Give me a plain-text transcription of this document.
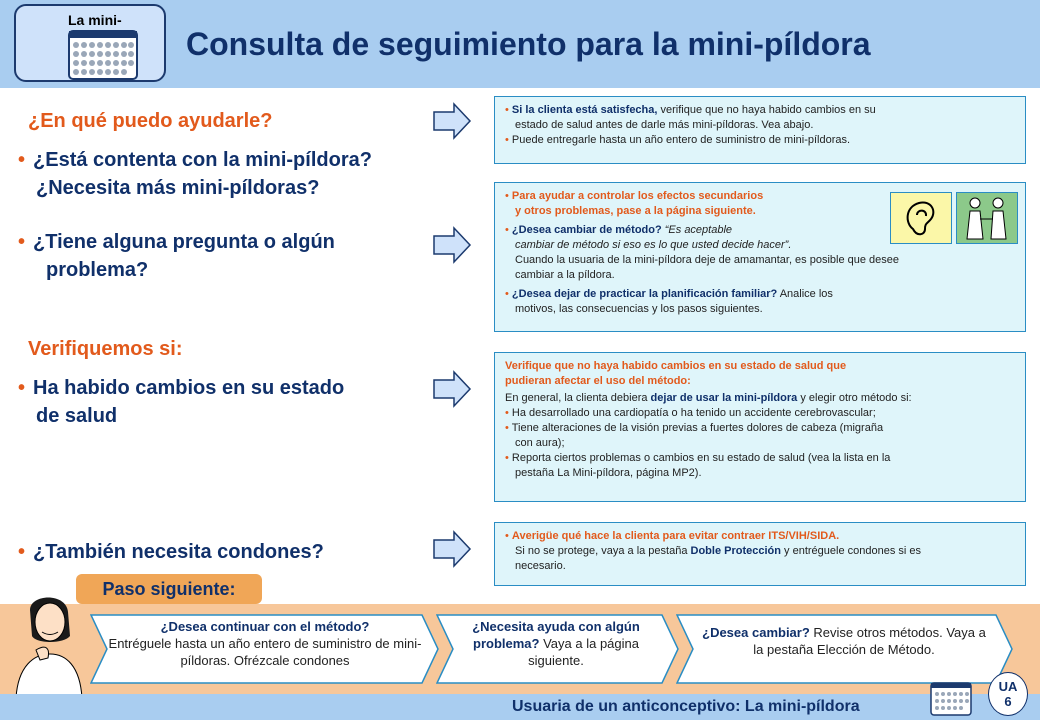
La mini-
Consulta de seguimiento para la mini-píldora
¿En qué puedo ayudarle?
• ¿Está contenta con la mini-píldora?
¿Necesita más mini-píldoras?
• ¿Tiene alguna pregunta o algún
problema?
Verifiquemos si:
• Ha habido cambios en su estado
de salud
• ¿También necesita condones?
• Si la clienta está satisfecha, verifique que no haya habido cambios en su
estado de salud antes de darle más mini-píldoras. Vea abajo.
• Puede entregarle hasta un año entero de suministro de mini-píldoras.
• Para ayudar a controlar los efectos secundarios
y otros problemas, pase a la página siguiente.
• ¿Desea cambiar de método? “Es aceptable
cambiar de método si eso es lo que usted decide hacer”.
Cuando la usuaria de la mini-píldora deje de amamantar, es posible que desee
cambiar a la píldora.
• ¿Desea dejar de practicar la planificación familiar? Analice los
motivos, las consecuencias y los pasos siguientes.
Verifique que no haya habido cambios en su estado de salud que
pudieran afectar el uso del método:
En general, la clienta debiera dejar de usar la mini-píldora y elegir otro método si:
• Ha desarrollado una cardiopatía o ha tenido un accidente cerebrovascular;
• Tiene alteraciones de la visión previas a fuertes dolores de cabeza (migraña
con aura);
• Reporta ciertos problemas o cambios en su estado de salud (vea la lista en la
pestaña La Mini-píldora, página MP2).
• Averigüe qué hace la clienta para evitar contraer ITS/VIH/SIDA.
Si no se protege, vaya a la pestaña Doble Protección y entréguele condones si es
necesario.
Paso siguiente:
¿Desea continuar con el método?
Entréguele hasta un año entero de suministro de mini-píldoras. Ofrézcale condones
¿Necesita ayuda con algún problema? Vaya a la página siguiente.
¿Desea cambiar? Revise otros métodos. Vaya a la pestaña Elección de Método.
Usuaria de un anticonceptivo: La mini-píldora
UA
6
